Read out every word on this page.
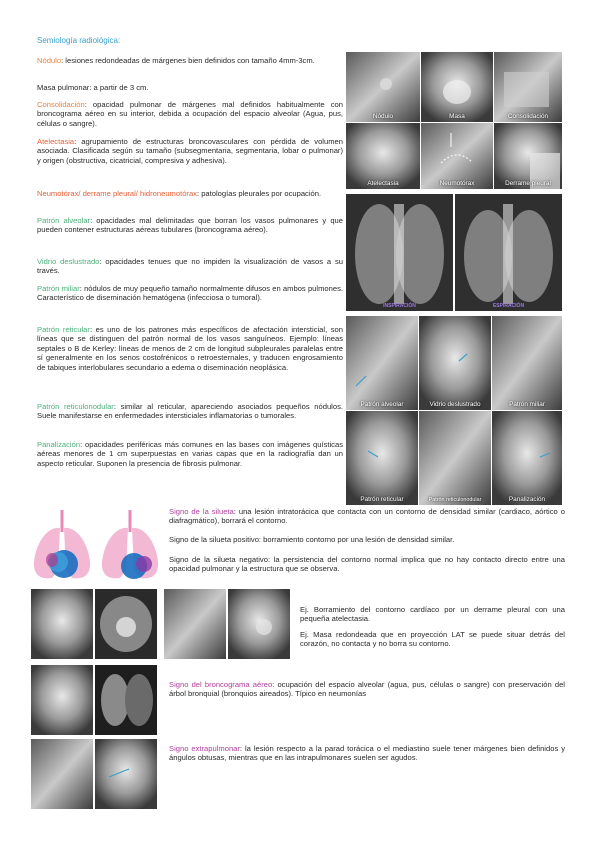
Semiología radiológica:

Nódulo: lesiones redondeadas de márgenes bien definidos con tamaño 4mm-3cm.

Masa pulmonar: a partir de 3 cm.

Consolidación: opacidad pulmonar de márgenes mal definidos habitualmente con broncograma aéreo en su interior, debida a ocupación del espacio alveolar (Agua, pus, células o sangre).

Atelectasia: agrupamiento de estructuras broncovasculares con pérdida de volumen asociada. Clasificada según su tamaño (subsegmentaria, segmentaria, lobar o pulmonar) y origen (obstructiva, cicatricial, compresiva y adhesiva).

Neumotórax/ derrame pleural/ hidroneumotórax: patologías pleurales por ocupación.

Patrón alveolar: opacidades mal delimitadas que borran los vasos pulmonares y que pueden contener estructuras aéreas tubulares (broncograma aéreo).

Vidrio deslustrado: opacidades tenues que no impiden la visualización de vasos a su través.

Patrón miliar: nódulos de muy pequeño tamaño normalmente difusos en ambos pulmones. Característico de diseminación hematógena (infecciosa o tumoral).

Patrón reticular: es uno de los patrones más específicos de afectación intersticial, son líneas que se distinguen del patrón normal de los vasos sanguíneos. Ejemplo: líneas septales o B de Kerley: líneas de menos de 2 cm de longitud subpleurales paralelas entre sí generalmente en los senos costofrénicos o retroesternales, y traducen engrosamiento de tabiques interlobulares secundario a edema o diseminación neoplásica.

Patrón reticulonodular: similar al reticular, apareciendo asociados pequeños nódulos. Suele manifestarse en enfermedades intersticiales inflamatorias o tumorales.

Panalización: opacidades periféricas más comunes en las bases con imágenes quísticas aéreas menores de 1 cm superpuestas en varias capas que en la radiografía dan un aspecto reticular. Suponen la presencia de fibrosis pulmonar.

Nódulo	Masa	Consolidación
Atelectasia	Neumotórax	Derrame pleural
INSPIRACIÓN	ESPIRACIÓN
Patrón alveolar	Vidrio deslustrado	Patrón miliar
Patrón reticular	Patrón reticulonodular	Panalización

Signo de la silueta: una lesión intratorácica que contacta con un contorno de densidad similar (cardiaco, aórtico o diafragmático), borrará el contorno.

Signo de la silueta positivo: borramiento contorno por una lesión de densidad similar.

Signo de la silueta negativo: la persistencia del contorno normal implica que no hay contacto directo entre una opacidad pulmonar y la estructura que se observa.

Ej. Borramiento del contorno cardíaco por un derrame pleural con una pequeña atelectasia.

Ej. Masa redondeada que en proyección LAT se puede situar detrás del corazón, no contacta y no borra su contorno.

Signo del broncograma aéreo: ocupación del espacio alveolar (agua, pus, células o sangre) con preservación del árbol bronquial (bronquios aireados). Típico en neumonías

Signo extrapulmonar: la lesión respecto a la parad torácica o el mediastino suele tener márgenes bien definidos y ángulos obtusas, mientras que en las intrapulmonares suelen ser agudos.
